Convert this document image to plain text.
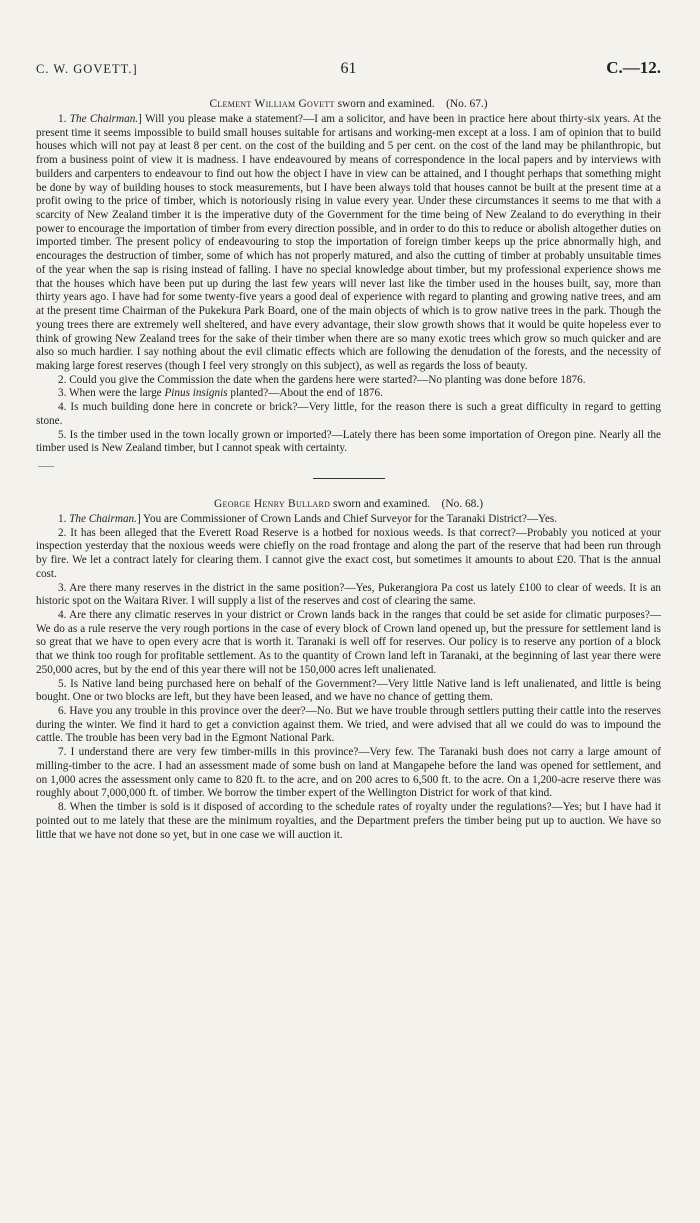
C. W. GOVETT.]	61	C.—12.
Clement William Govett sworn and examined. (No. 67.)

1. The Chairman.] Will you please make a statement?—I am a solicitor, and have been in practice here about thirty-six years. At the present time it seems impossible to build small houses suitable for artisans and working-men except at a loss. I am of opinion that to build houses which will not pay at least 8 per cent. on the cost of the building and 5 per cent. on the cost of the land may be philanthropic, but from a business point of view it is madness. I have endeavoured by means of correspondence in the local papers and by interviews with builders and carpenters to endeavour to find out how the object I have in view can be attained, and I thought perhaps that something might be done by way of building houses to stock measurements, but I have been always told that houses cannot be built at the present time at a profit owing to the price of timber, which is notoriously rising in value every year. Under these circumstances it seems to me that with a scarcity of New Zealand timber it is the imperative duty of the Government for the time being of New Zealand to do everything in their power to encourage the importation of timber from every direction possible, and in order to do this to reduce or abolish altogether duties on imported timber. The present policy of endeavouring to stop the importation of foreign timber keeps up the price abnormally high, and encourages the destruction of timber, some of which has not properly matured, and also the cutting of timber at probably unsuitable times of the year when the sap is rising instead of falling. I have no special knowledge about timber, but my professional experience shows me that the houses which have been put up during the last few years will never last like the timber used in the houses built, say, more than thirty years ago. I have had for some twenty-five years a good deal of experience with regard to planting and growing native trees, and am at the present time Chairman of the Pukekura Park Board, one of the main objects of which is to grow native trees in the park. Though the young trees there are extremely well sheltered, and have every advantage, their slow growth shows that it would be quite hopeless ever to think of growing New Zealand trees for the sake of their timber when there are so many exotic trees which grow so much quicker and are also so much hardier. I say nothing about the evil climatic effects which are following the denudation of the forests, and the necessity of making large forest reserves (though I feel very strongly on this subject), as well as regards the loss of beauty.

2. Could you give the Commission the date when the gardens here were started?—No planting was done before 1876.

3. When were the large Pinus insignis planted?—About the end of 1876.

4. Is much building done here in concrete or brick?—Very little, for the reason there is such a great difficulty in regard to getting stone.

5. Is the timber used in the town locally grown or imported?—Lately there has been some importation of Oregon pine. Nearly all the timber used is New Zealand timber, but I cannot speak with certainty.

George Henry Bullard sworn and examined. (No. 68.)

1. The Chairman.] You are Commissioner of Crown Lands and Chief Surveyor for the Taranaki District?—Yes.

2. It has been alleged that the Everett Road Reserve is a hotbed for noxious weeds. Is that correct?—Probably you noticed at your inspection yesterday that the noxious weeds were chiefly on the road frontage and along the part of the reserve that had been run through by fire. We let a contract lately for clearing them. I cannot give the exact cost, but sometimes it amounts to about £20. That is the annual cost.

3. Are there many reserves in the district in the same position?—Yes, Pukerangiora Pa cost us lately £100 to clear of weeds. It is an historic spot on the Waitara River. I will supply a list of the reserves and cost of clearing the same.

4. Are there any climatic reserves in your district or Crown lands back in the ranges that could be set aside for climatic purposes?—We do as a rule reserve the very rough portions in the case of every block of Crown land opened up, but the pressure for settlement land is so great that we have to open every acre that is worth it. Taranaki is well off for reserves. Our policy is to reserve any portion of a block that we think too rough for profitable settlement. As to the quantity of Crown land left in Taranaki, at the beginning of last year there were 250,000 acres, but by the end of this year there will not be 150,000 acres left unalienated.

5. Is Native land being purchased here on behalf of the Government?—Very little Native land is left unalienated, and little is being bought. One or two blocks are left, but they have been leased, and we have no chance of getting them.

6. Have you any trouble in this province over the deer?—No. But we have trouble through settlers putting their cattle into the reserves during the winter. We find it hard to get a conviction against them. We tried, and were advised that all we could do was to impound the cattle. The trouble has been very bad in the Egmont National Park.

7. I understand there are very few timber-mills in this province?—Very few. The Taranaki bush does not carry a large amount of milling-timber to the acre. I had an assessment made of some bush on land at Mangapehe before the land was opened for settlement, and on 1,000 acres the assessment only came to 820 ft. to the acre, and on 200 acres to 6,500 ft. to the acre. On a 1,200-acre reserve there was roughly about 7,000,000 ft. of timber. We borrow the timber expert of the Wellington District for work of that kind.

8. When the timber is sold is it disposed of according to the schedule rates of royalty under the regulations?—Yes; but I have had it pointed out to me lately that these are the minimum royalties, and the Department prefers the timber being put up to auction. We have so little that we have not done so yet, but in one case we will auction it.
